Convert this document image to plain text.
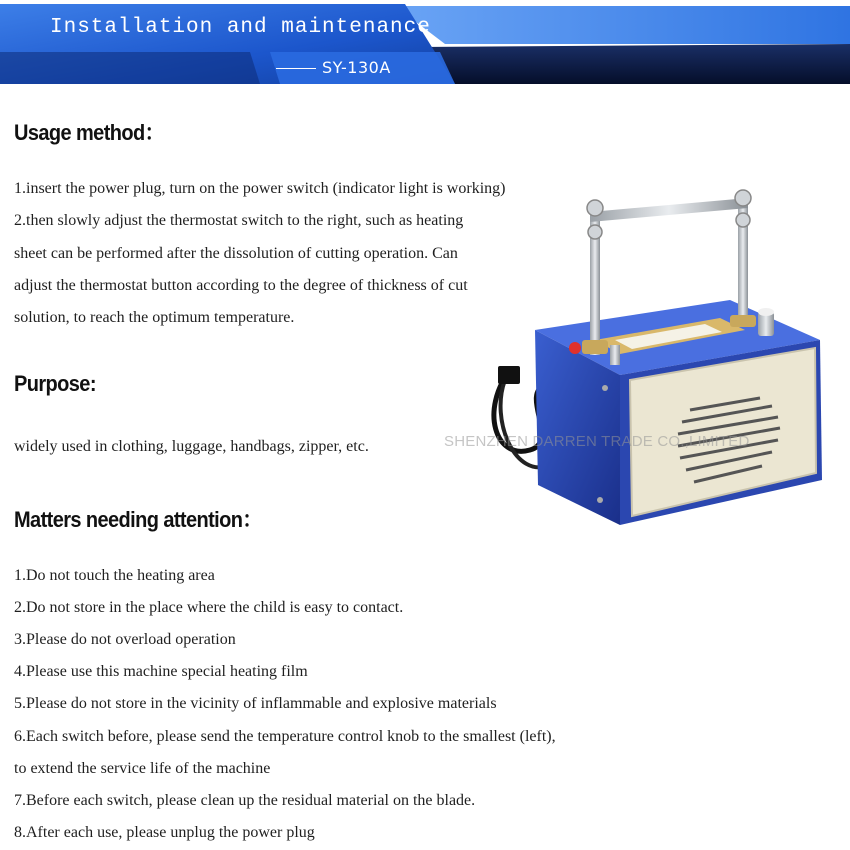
Installation and maintenance
SY-130A
Usage method：
1.insert the power plug, turn on the power switch (indicator light is working)
2.then slowly adjust the thermostat switch to the right, such as heating
sheet can be performed after the dissolution of cutting operation. Can
adjust the thermostat button according to the degree of thickness of cut
solution, to reach the optimum temperature.
Purpose:
widely used in clothing, luggage, handbags, zipper, etc.	SHENZHEN DARREN TRADE CO.,LIMITED
Matters needing attention：
1.Do not touch the heating area
2.Do not store in the place where the child is easy to contact.
3.Please do not overload operation
4.Please use this machine special heating film
5.Please do not store in the vicinity of inflammable and explosive materials
6.Each switch before, please send the temperature control knob to the smallest (left),
to extend the service life of the machine
7.Before each switch, please clean up the residual material on the blade.
8.After each use, please unplug the power plug
